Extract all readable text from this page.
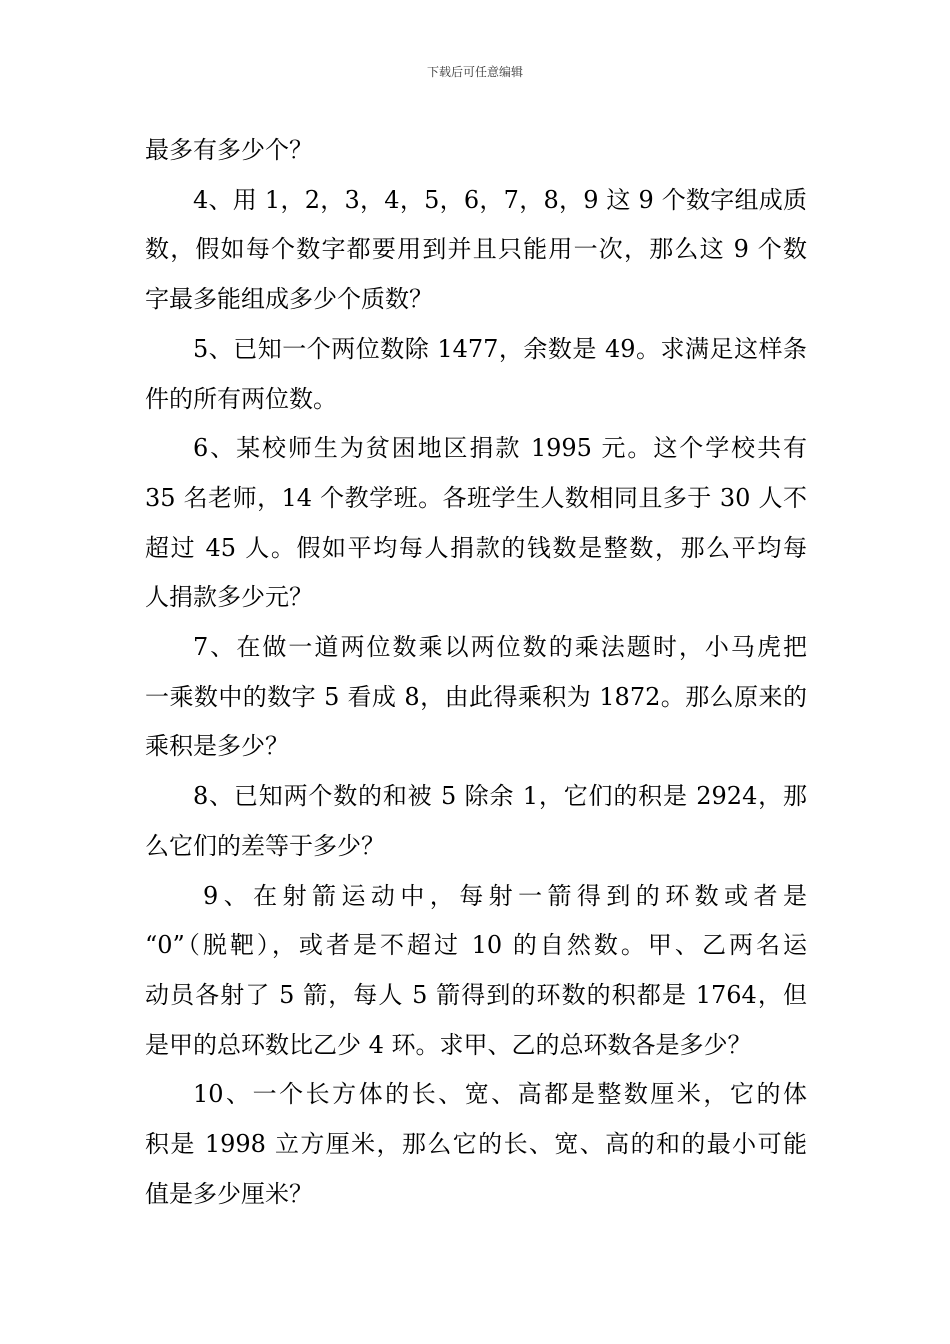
下载后可任意编辑

最多有多少个？

4、用 1，2，3，4，5，6，7，8，9 这 9 个数字组成质

数，假如每个数字都要用到并且只能用一次，那么这 9 个数
字最多能组成多少个质数？

5、已知一个两位数除 1477，余数是 49。求满足这样条

件的所有两位数。

6、某校师生为贫困地区捐款 1995 元。这个学校共有

35 名老师，14 个教学班。各班学生人数相同且多于 30 人不
超过 45 人。假如平均每人捐款的钱数是整数，那么平均每
人捐款多少元？

7、在做一道两位数乘以两位数的乘法题时，小马虎把

一乘数中的数字 5 看成 8，由此得乘积为 1872。那么原来的
乘积是多少？

8、已知两个数的和被 5 除余 1，它们的积是 2924，那

么它们的差等于多少？

9、在射箭运动中，每射一箭得到的环数或者是

“0”（脱靶），或者是不超过 10 的自然数。甲、乙两名运
动员各射了 5 箭，每人 5 箭得到的环数的积都是 1764，但
是甲的总环数比乙少 4 环。求甲、乙的总环数各是多少？

10、一个长方体的长、宽、高都是整数厘米，它的体

积是 1998 立方厘米，那么它的长、宽、高的和的最小可能
值是多少厘米？
